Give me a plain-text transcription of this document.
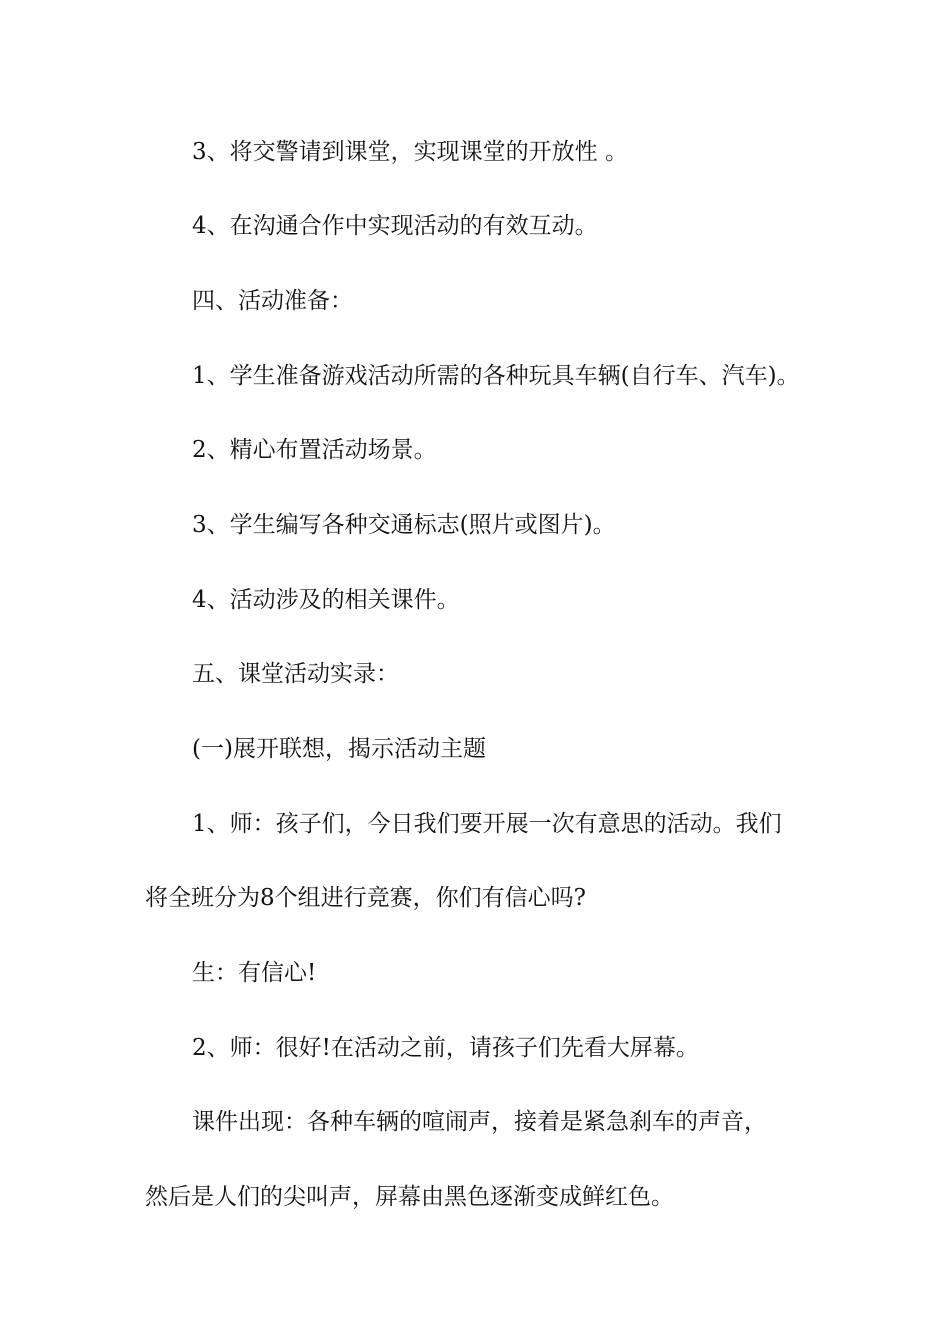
3、将交警请到课堂，实现课堂的开放性 。
4、在沟通合作中实现活动的有效互动。
四、活动准备：
1、学生准备游戏活动所需的各种玩具车辆(自行车、汽车)。
2、精心布置活动场景。
3、学生编写各种交通标志(照片或图片)。
4、活动涉及的相关课件。
五、课堂活动实录：
(一)展开联想，揭示活动主题
1、师：孩子们，今日我们要开展一次有意思的活动。我们
将全班分为8个组进行竞赛，你们有信心吗?
生：有信心!
2、师：很好!在活动之前，请孩子们先看大屏幕。
课件出现：各种车辆的喧闹声，接着是紧急刹车的声音，
然后是人们的尖叫声，屏幕由黑色逐渐变成鲜红色。
